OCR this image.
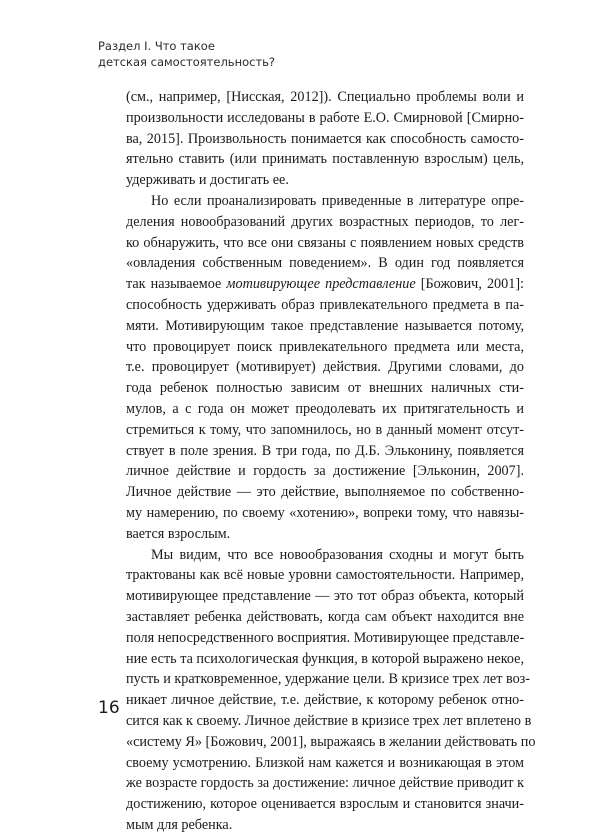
Раздел I. Что такое
детская самостоятельность?
(см., например, [Нисская, 2012]). Специально проблемы воли и
произвольности исследованы в работе Е.О. Смирновой [Смирно-
ва, 2015]. Произвольность понимается как способность самосто-
ятельно ставить (или принимать поставленную взрослым) цель,
удерживать и достигать ее.
Но если проанализировать приведенные в литературе опре-
деления новообразований других возрастных периодов, то лег-
ко обнаружить, что все они связаны с появлением новых средств
«овладения собственным поведением». В один год появляется
так называемое мотивирующее представление [Божович, 2001]:
способность удерживать образ привлекательного предмета в па-
мяти. Мотивирующим такое представление называется потому,
что провоцирует поиск привлекательного предмета или места,
т.е. провоцирует (мотивирует) действия. Другими словами, до
года ребенок полностью зависим от внешних наличных сти-
мулов, а с года он может преодолевать их притягательность и
стремиться к тому, что запомнилось, но в данный момент отсут-
ствует в поле зрения. В три года, по Д.Б. Эльконину, появляется
личное действие и гордость за достижение [Эльконин, 2007].
Личное действие — это действие, выполняемое по собственно-
му намерению, по своему «хотению», вопреки тому, что навязы-
вается взрослым.
Мы видим, что все новообразования сходны и могут быть
трактованы как всё новые уровни самостоятельности. Например,
мотивирующее представление — это тот образ объекта, который
заставляет ребенка действовать, когда сам объект находится вне
поля непосредственного восприятия. Мотивирующее представле-
ние есть та психологическая функция, в которой выражено некое,
пусть и кратковременное, удержание цели. В кризисе трех лет воз-
никает личное действие, т.е. действие, к которому ребенок отно-
сится как к своему. Личное действие в кризисе трех лет вплетено в
«систему Я» [Божович, 2001], выражаясь в желании действовать по
своему усмотрению. Близкой нам кажется и возникающая в этом
же возрасте гордость за достижение: личное действие приводит к
достижению, которое оценивается взрослым и становится значи-
мым для ребенка.
16
